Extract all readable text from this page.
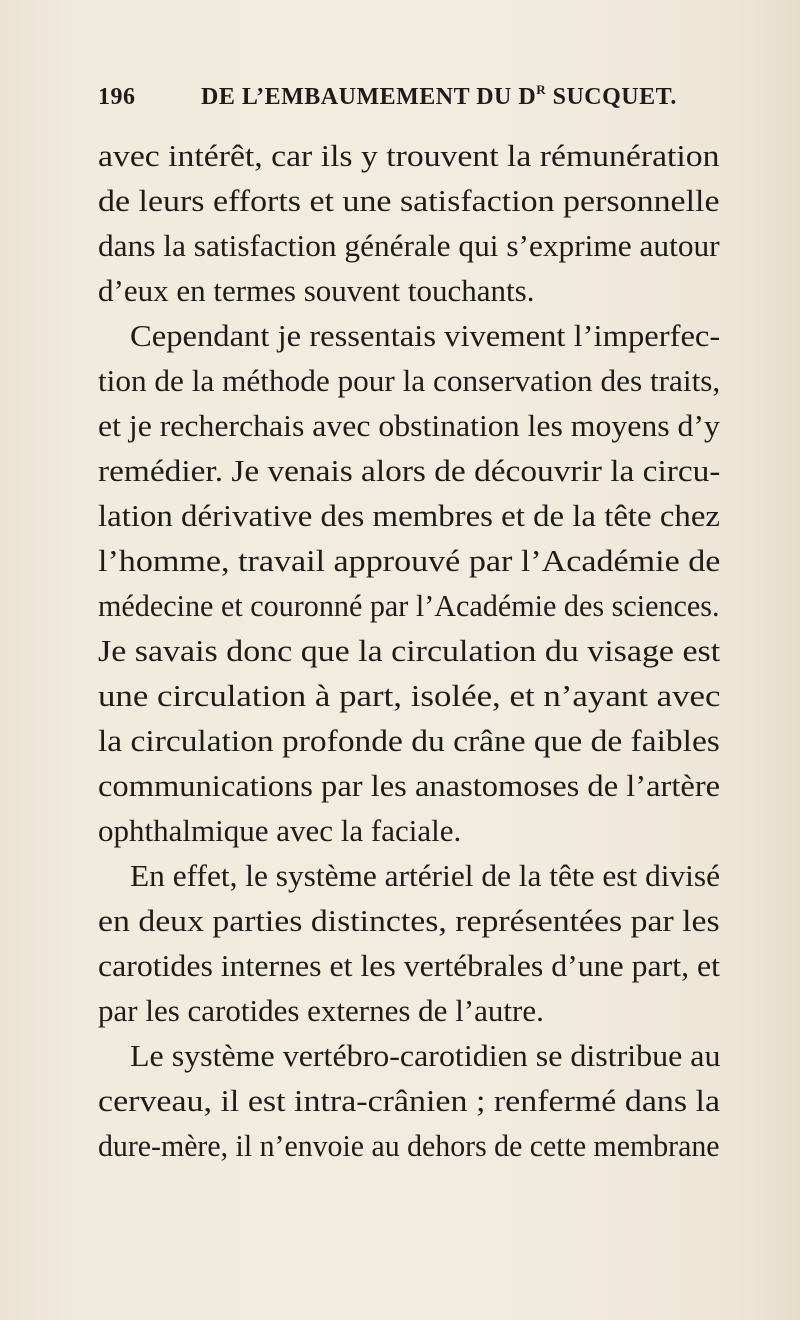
196	DE L’EMBAUMEMENT DU $D^R$ SUCQUET.
avec intérêt, car ils y trouvent la rémunération
de leurs efforts et une satisfaction personnelle
dans la satisfaction générale qui s’exprime autour
d’eux en termes souvent touchants.
Cependant je ressentais vivement l’imperfec-
tion de la méthode pour la conservation des traits,
et je recherchais avec obstination les moyens d’y
remédier. Je venais alors de découvrir la circu-
lation dérivative des membres et de la tête chez
l’homme, travail approuvé par l’Académie de
médecine et couronné par l’Académie des sciences.
Je savais donc que la circulation du visage est
une circulation à part, isolée, et n’ayant avec
la circulation profonde du crâne que de faibles
communications par les anastomoses de l’artère
ophthalmique avec la faciale.
En effet, le système artériel de la tête est divisé
en deux parties distinctes, représentées par les
carotides internes et les vertébrales d’une part, et
par les carotides externes de l’autre.
Le système vertébro-carotidien se distribue au
cerveau, il est intra-crânien ; renfermé dans la
dure-mère, il n’envoie au dehors de cette membrane
